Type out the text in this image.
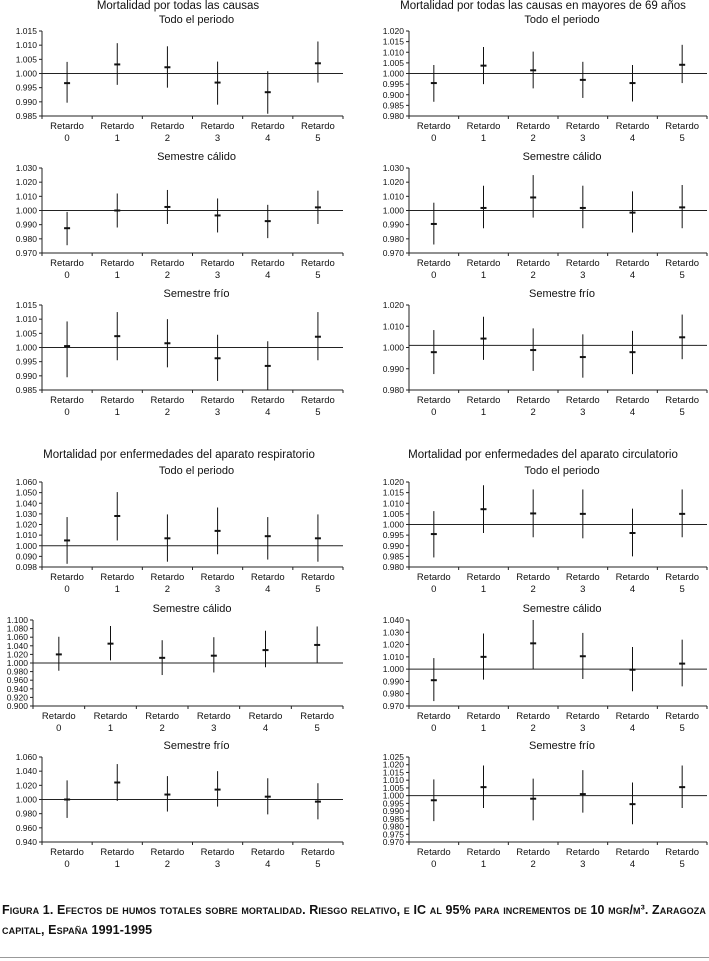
Mortalidad por todas las causas	Mortalidad por todas las causas en mayores de 69 años
Mortalidad por enfermedades del aparato respiratorio	Mortalidad por enfermedades del aparato circulatorio
Todo el periodo
1.015
1.010
1.005
1.000
0.995
0.990
0.985
Retardo
0
Retardo
1
Retardo
2
Retardo
3
Retardo
4
Retardo
5
Todo el periodo
1.020
1.015
1.010
1.005
1.000
0.995
0.900
0.985
0.980
Retardo
0
Retardo
1
Retardo
2
Retardo
3
Retardo
4
Retardo
5
Semestre cálido
1.030
1.020
1.010
1.000
0.990
0.980
0.970
Retardo
0
Retardo
1
Retardo
2
Retardo
3
Retardo
4
Retardo
5
Semestre cálido
1.030
1.020
1.010
1.000
0.990
0.980
0.970
Retardo
0
Retardo
1
Retardo
2
Retardo
3
Retardo
4
Retardo
5
Semestre frío
1.015
1.010
1.005
1.000
0.995
0.990
0.985
Retardo
0
Retardo
1
Retardo
2
Retardo
3
Retardo
4
Retardo
5
Semestre frío
1.020
1.010
1.000
0.990
0.980
Retardo
0
Retardo
1
Retardo
2
Retardo
3
Retardo
4
Retardo
5
Todo el periodo
1.060
1.050
1.040
1.030
1.020
1.010
1.000
0.090
0.098
Retardo
0
Retardo
1
Retardo
2
Retardo
3
Retardo
4
Retardo
5
Todo el periodo
1.020
1.015
1.010
1.005
1.000
0.995
0.990
0.985
0.980
Retardo
0
Retardo
1
Retardo
2
Retardo
3
Retardo
4
Retardo
5
Semestre cálido
1.100
1.080
1.060
1.040
1.020
1.000
0.980
0.960
0.940
0.920
0.900
Retardo
0
Retardo
1
Retardo
2
Retardo
3
Retardo
4
Retardo
5
Semestre cálido
1.040
1.030
1.020
1.010
1.000
0.990
0.980
0.970
Retardo
0
Retardo
1
Retardo
2
Retardo
3
Retardo
4
Retardo
5
Semestre frío
1.060
1.040
1.020
1.000
0.980
0.960
0.940
Retardo
0
Retardo
1
Retardo
2
Retardo
3
Retardo
4
Retardo
5
Semestre frío
1.025
1.020
1.015
1.010
1.005
1.000
0.995
0.990
0.985
0.980
0.975
0.970
Retardo
0
Retardo
1
Retardo
2
Retardo
3
Retardo
4
Retardo
5
Figura 1. Efectos de humos totales sobre mortalidad. Riesgo relativo, e IC al 95% para incrementos de 10 µgr/m³. Zaragoza capital, España 1991-1995
